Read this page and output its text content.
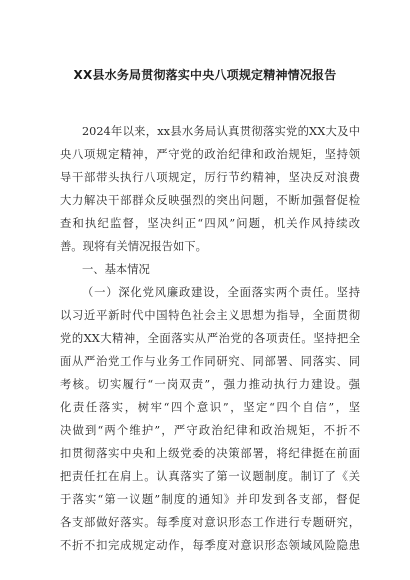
XX县水务局贯彻落实中央八项规定精神情况报告
2024年以来，xx县水务局认真贯彻落实党的XX大及中
央八项规定精神，严守党的政治纪律和政治规矩，坚持领
导干部带头执行八项规定，厉行节约精神，坚决反对浪费
大力解决干部群众反映强烈的突出问题，不断加强督促检
查和执纪监督，坚决纠正“四风”问题，机关作风持续改
善。现将有关情况报告如下。
一、基本情况
（一）深化党风廉政建设，全面落实两个责任。坚持
以习近平新时代中国特色社会主义思想为指导，全面贯彻
党的XX大精神，全面落实从严治党的各项责任。坚持把全
面从严治党工作与业务工作同研究、同部署、同落实、同
考核。切实履行“一岗双责”，强力推动执行力建设。强
化责任落实，树牢“四个意识”，坚定“四个自信”，坚
决做到“两个维护”，严守政治纪律和政治规矩，不折不
扣贯彻落实中央和上级党委的决策部署，将纪律挺在前面
把责任扛在肩上。认真落实了第一议题制度。制订了《关
于落实“第一议题”制度的通知》并印发到各支部，督促
各支部做好落实。每季度对意识形态工作进行专题研究，
不折不扣完成规定动作，每季度对意识形态领域风险隐患
